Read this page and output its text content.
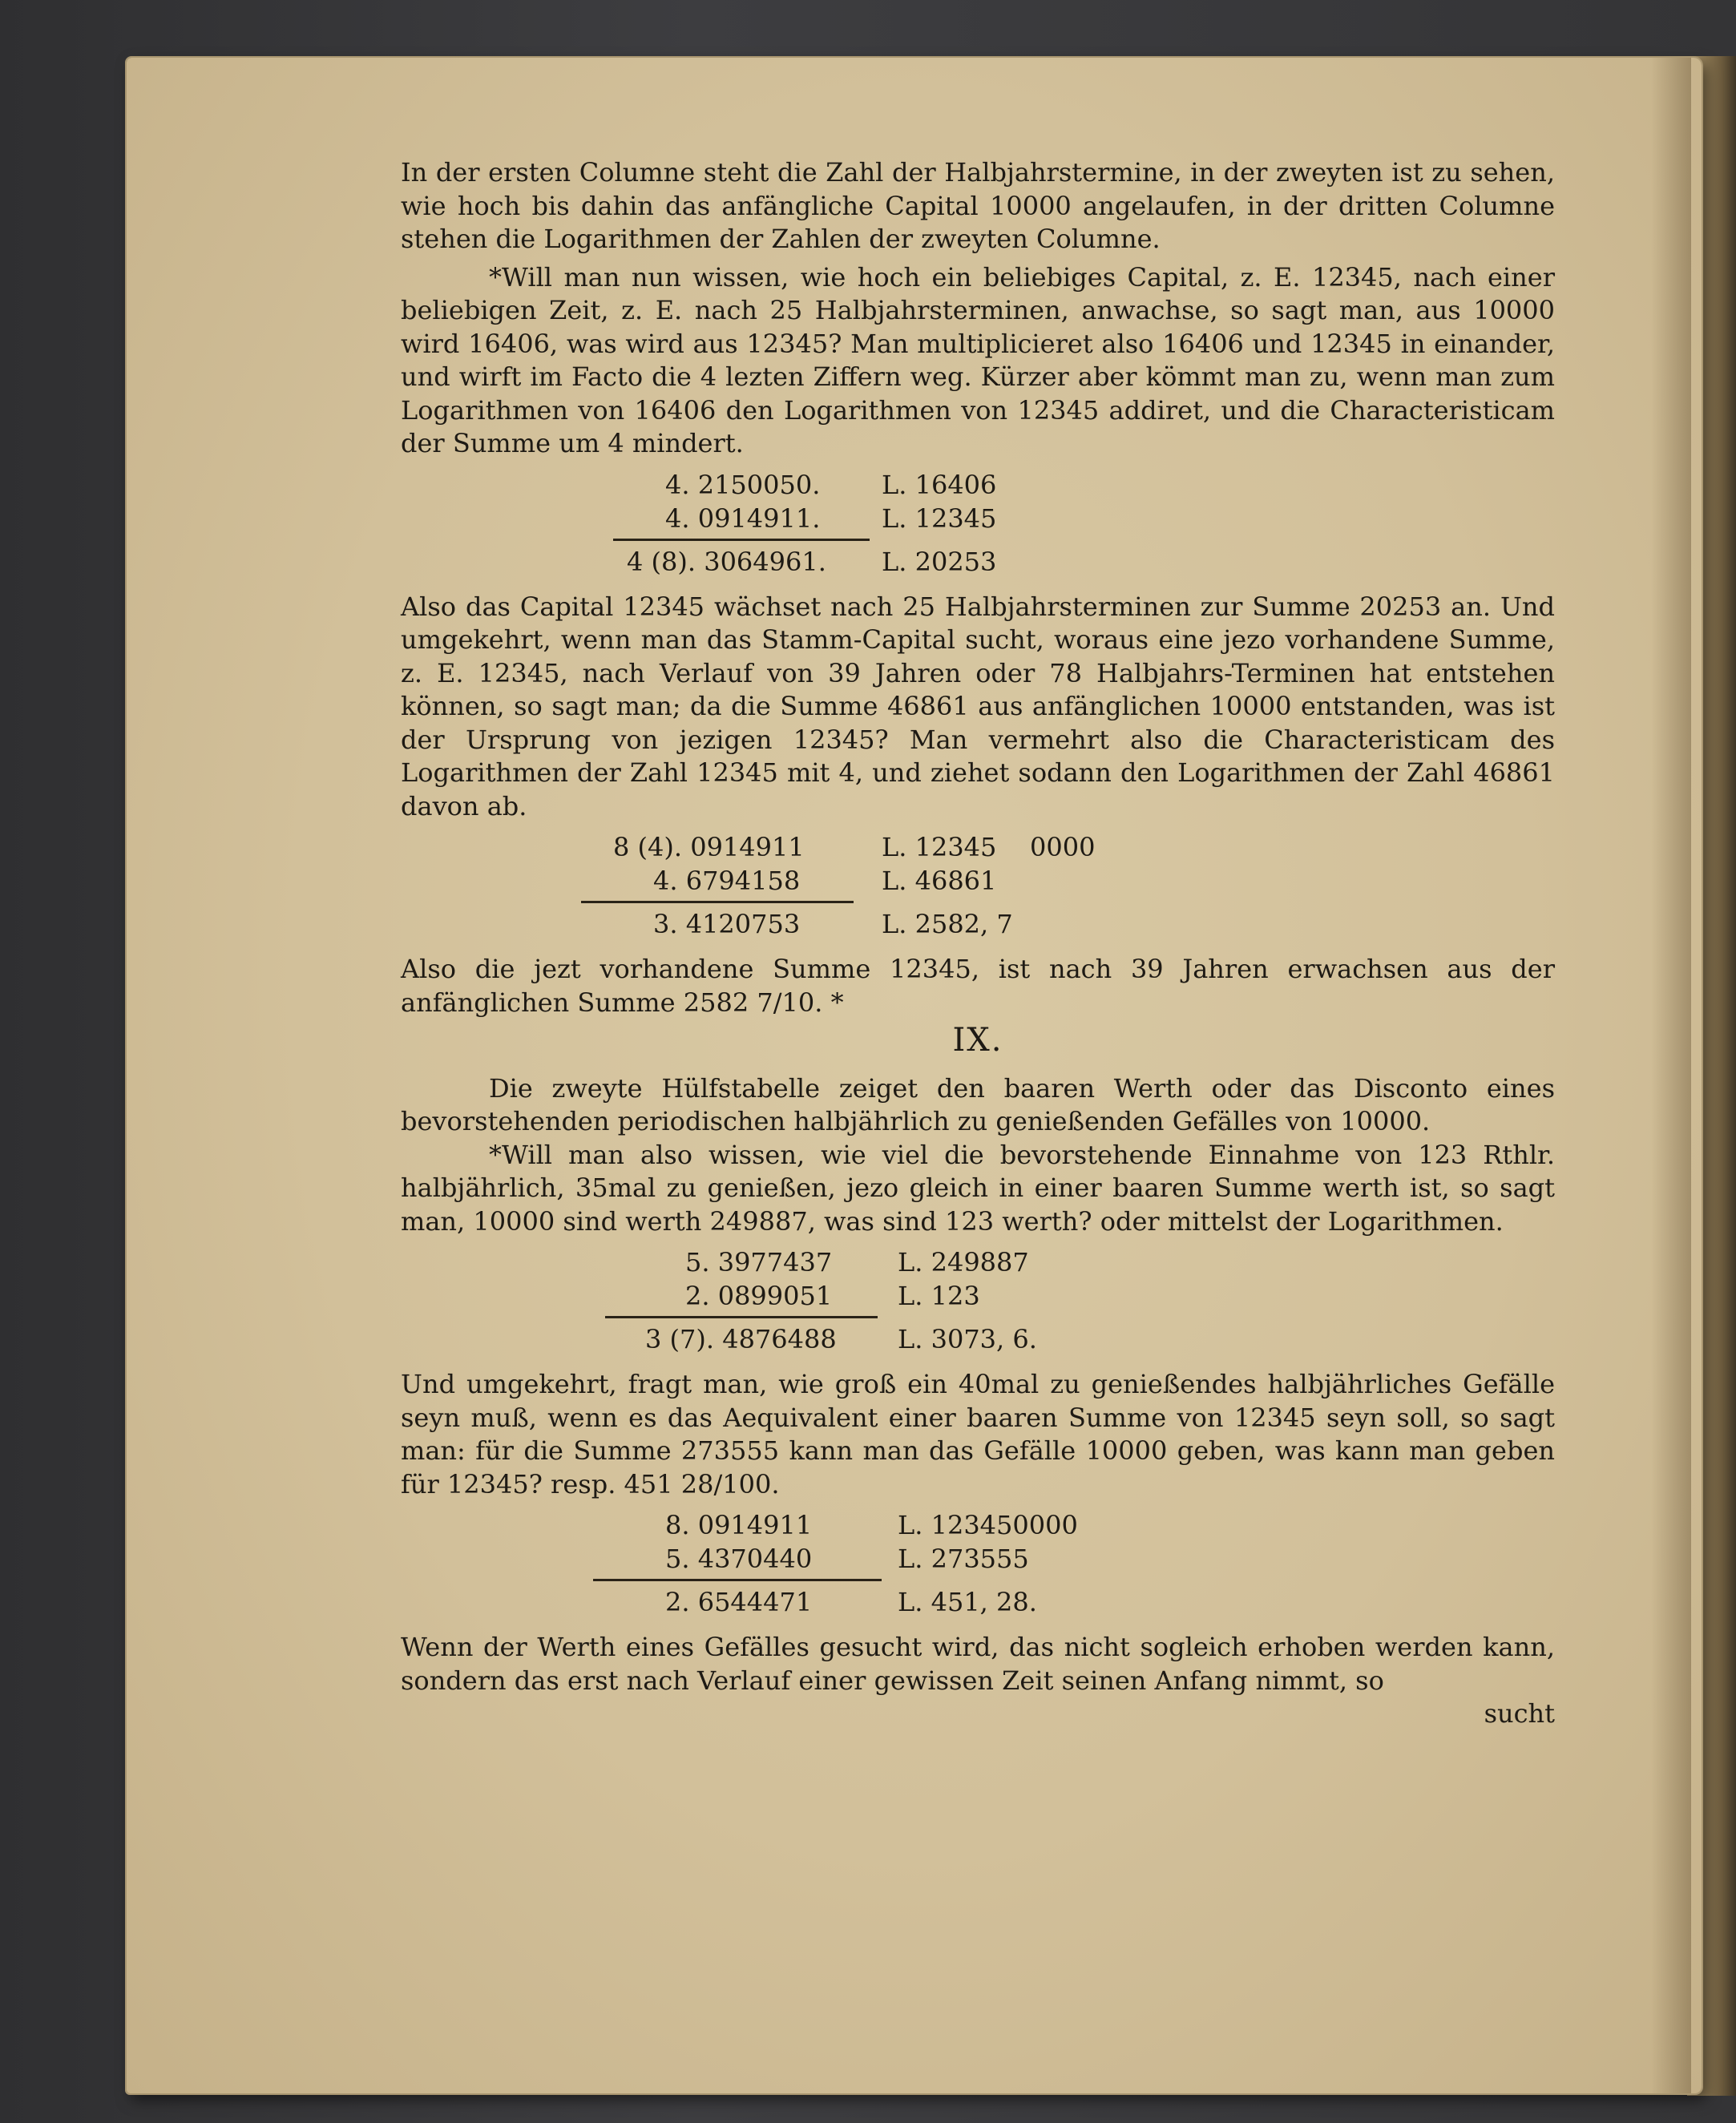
In der ersten Columne steht die Zahl der Halbjahrstermine, in der zweyten ist zu sehen, wie hoch bis dahin das anfängliche Capital 10000 angelaufen, in der dritten Columne stehen die Logarithmen der Zahlen der zweyten Columne.

*Will man nun wissen, wie hoch ein beliebiges Capital, z. E. 12345, nach einer beliebigen Zeit, z. E. nach 25 Halbjahrsterminen, anwachse, so sagt man, aus 10000 wird 16406, was wird aus 12345? Man multiplicieret also 16406 und 12345 in einander, und wirft im Facto die 4 lezten Ziffern weg. Kürzer aber kömmt man zu, wenn man zum Logarithmen von 16406 den Logarithmen von 12345 addiret, und die Characteristicam der Summe um 4 mindert.

4. 2150050. L. 16406
4. 0914911. L. 12345
4 (8). 3064961. L. 20253

Also das Capital 12345 wächset nach 25 Halbjahrsterminen zur Summe 20253 an. Und umgekehrt, wenn man das Stamm-Capital sucht, woraus eine jezo vorhandene Summe, z. E. 12345, nach Verlauf von 39 Jahren oder 78 Halbjahrs-Terminen hat entstehen können, so sagt man; da die Summe 46861 aus anfänglichen 10000 entstanden, was ist der Ursprung von jezigen 12345? Man vermehrt also die Characteristicam des Logarithmen der Zahl 12345 mit 4, und ziehet sodann den Logarithmen der Zahl 46861 davon ab.

8 (4). 0914911	L. 12345 0000
4. 6794158	L. 46861
3. 4120753	L. 2582, 7

Also die jezt vorhandene Summe 12345, ist nach 39 Jahren erwachsen aus der anfänglichen Summe 2582 7/10. *

IX.

Die zweyte Hülfstabelle zeiget den baaren Werth oder das Disconto eines bevorstehenden periodischen halbjährlich zu genießenden Gefälles von 10000.

*Will man also wissen, wie viel die bevorstehende Einnahme von 123 Rthlr. halbjährlich, 35mal zu genießen, jezo gleich in einer baaren Summe werth ist, so sagt man, 10000 sind werth 249887, was sind 123 werth? oder mittelst der Logarithmen.

5. 3977437	L. 249887
2. 0899051	L. 123
3 (7). 4876488 L. 3073, 6.

Und umgekehrt, fragt man, wie groß ein 40mal zu genießendes halbjährliches Gefälle seyn muß, wenn es das Aequivalent einer baaren Summe von 12345 seyn soll, so sagt man: für die Summe 273555 kann man das Gefälle 10000 geben, was kann man geben für 12345? resp. 451 28/100.

8. 0914911	L. 123450000
5. 4370440	L. 273555
2. 6544471	L. 451, 28.

Wenn der Werth eines Gefälles gesucht wird, das nicht sogleich erhoben werden kann, sondern das erst nach Verlauf einer gewissen Zeit seinen Anfang nimmt, so

sucht
